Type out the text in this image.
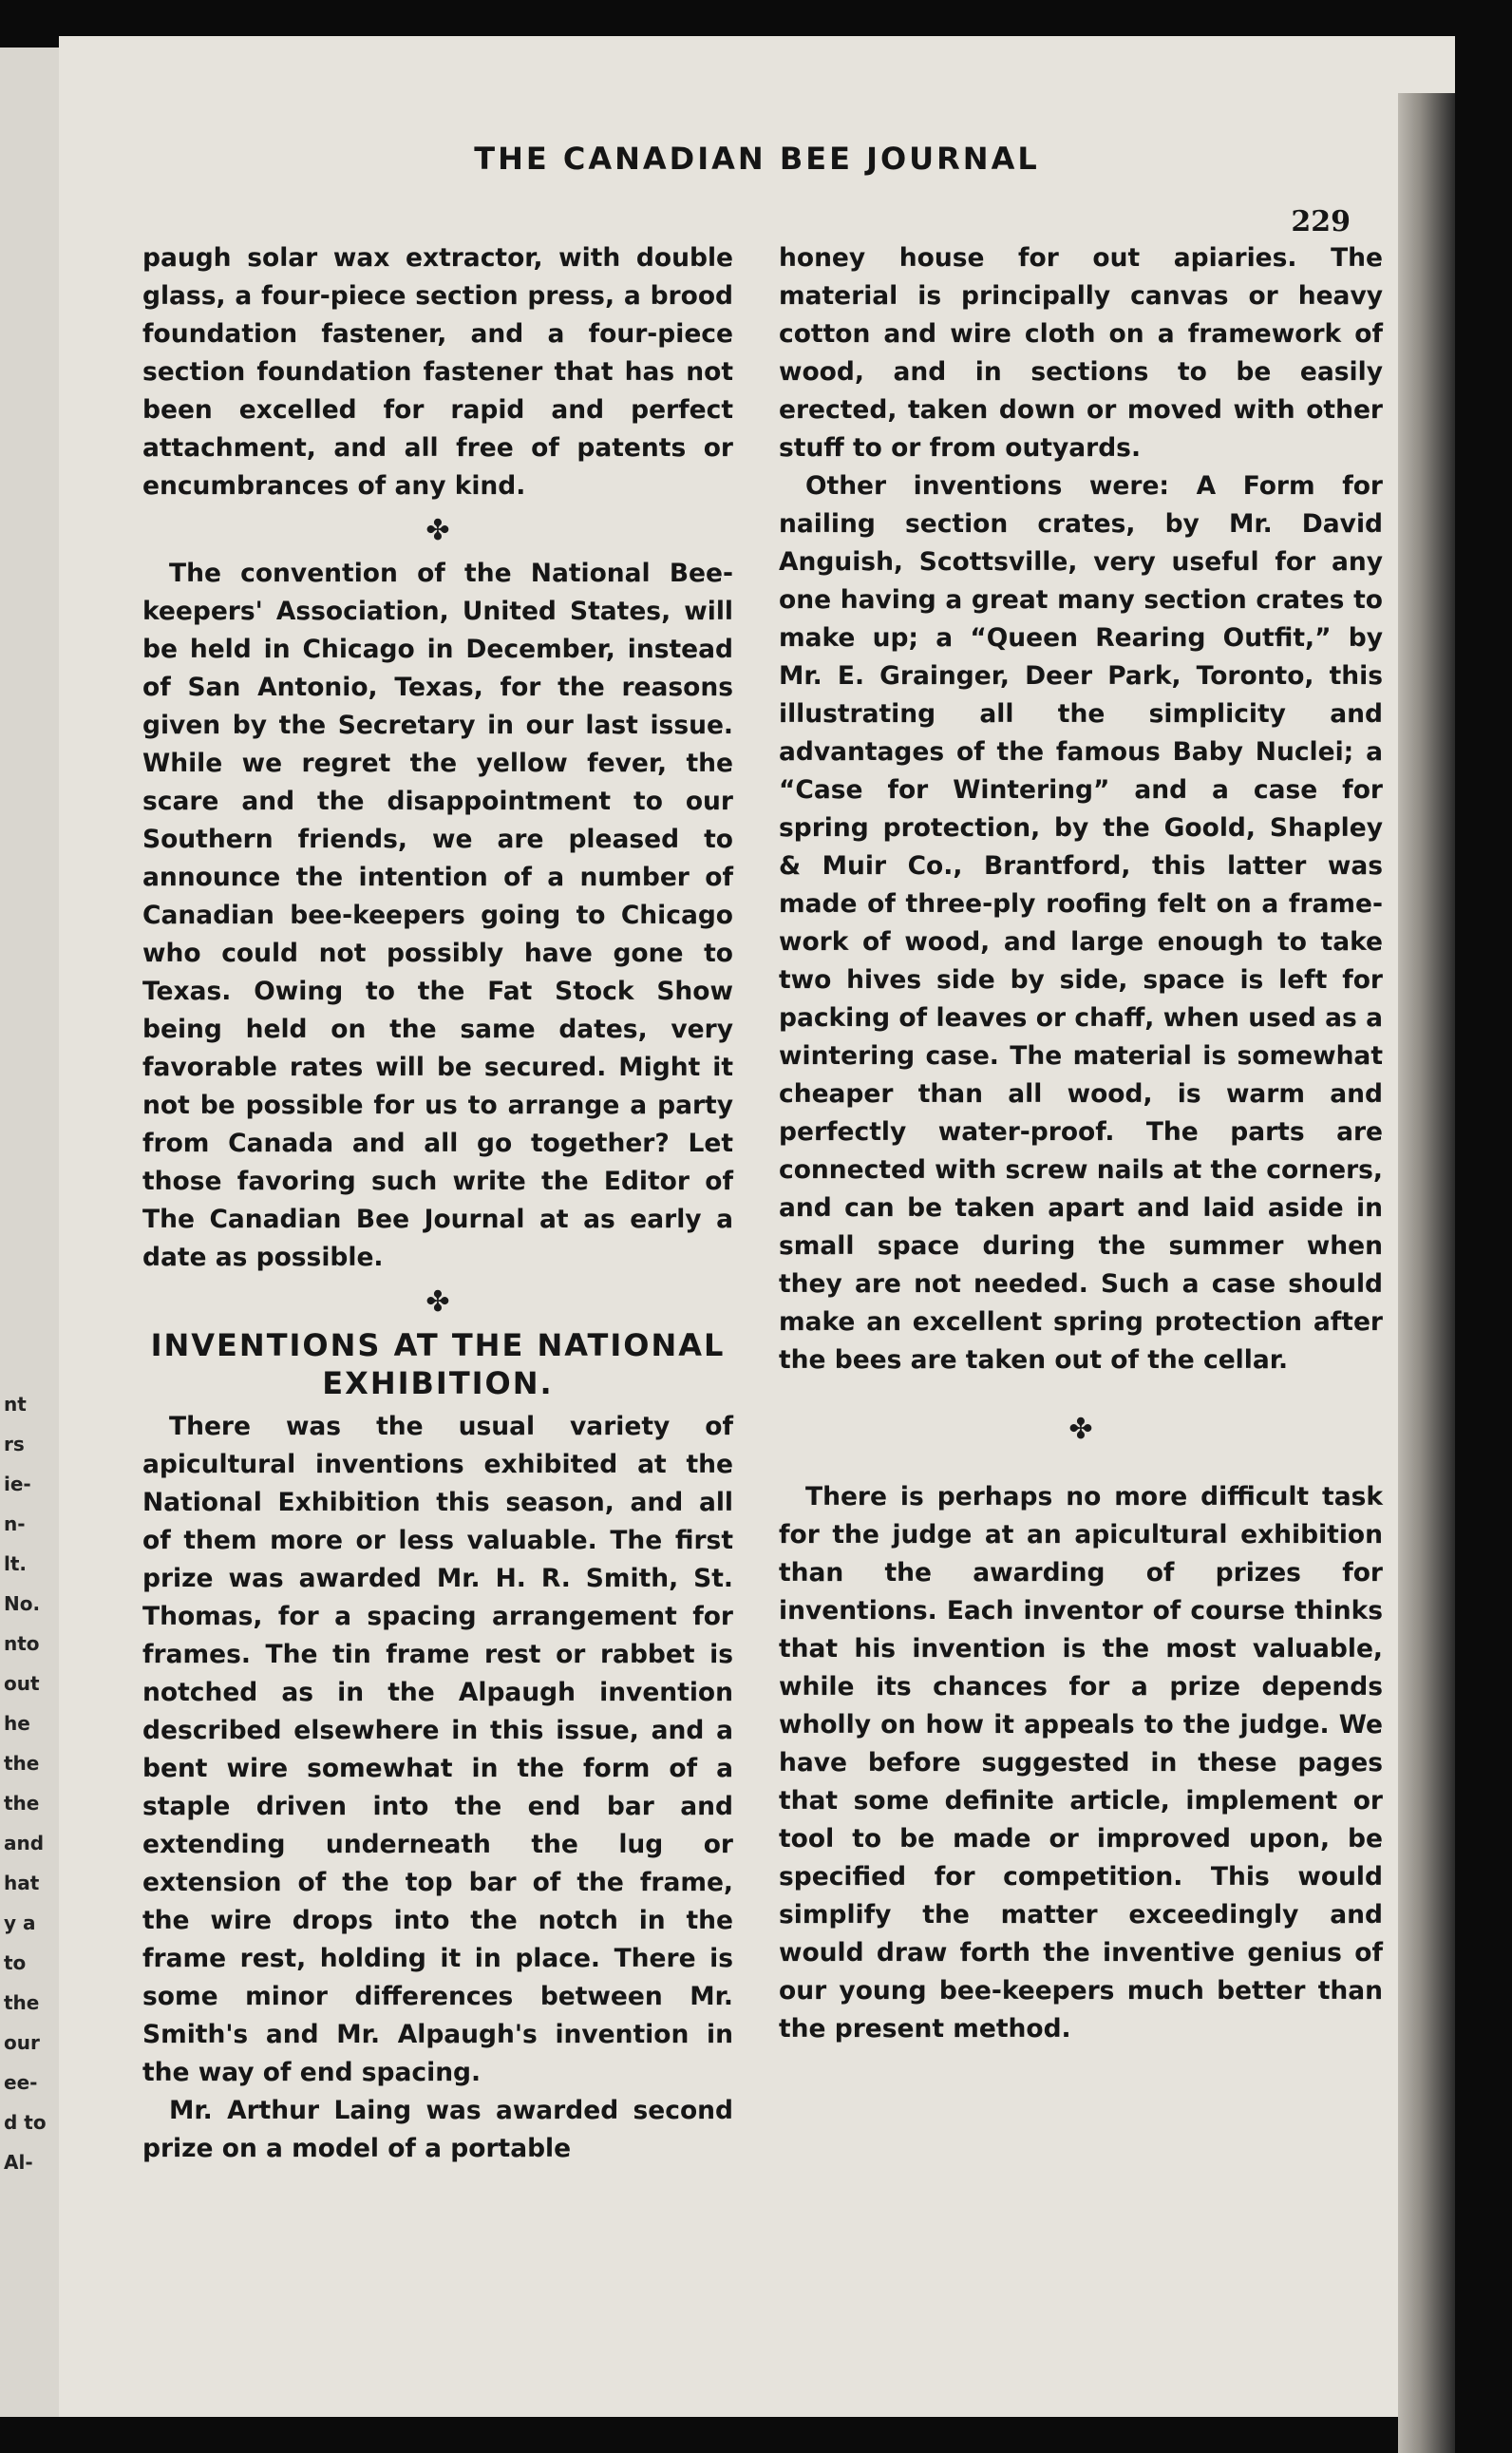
nt
rs
ie-
n-
lt.
No.
nto
out
he
the
the
and
hat
y a
to
the
our
ee-
d to
Al-
THE CANADIAN BEE JOURNAL
229

paugh solar wax extractor, with double glass, a four-piece section press, a brood foundation fastener, and a four-piece section foundation fastener that has not been excelled for rapid and perfect attachment, and all free of patents or encumbrances of any kind.

✤

The convention of the National Bee-keepers' Association, United States, will be held in Chicago in December, instead of San Antonio, Texas, for the reasons given by the Secretary in our last issue. While we regret the yellow fever, the scare and the disappointment to our Southern friends, we are pleased to announce the intention of a number of Canadian bee-keepers going to Chicago who could not possibly have gone to Texas. Owing to the Fat Stock Show being held on the same dates, very favorable rates will be secured. Might it not be possible for us to arrange a party from Canada and all go together? Let those favoring such write the Editor of The Canadian Bee Journal at as early a date as possible.

✤
INVENTIONS AT THE NATIONAL
EXHIBITION.

There was the usual variety of apicultural inventions exhibited at the National Exhibition this season, and all of them more or less valuable. The first prize was awarded Mr. H. R. Smith, St. Thomas, for a spacing arrangement for frames. The tin frame rest or rabbet is notched as in the Alpaugh invention described elsewhere in this issue, and a bent wire somewhat in the form of a staple driven into the end bar and extending underneath the lug or extension of the top bar of the frame, the wire drops into the notch in the frame rest, holding it in place. There is some minor differences between Mr. Smith's and Mr. Alpaugh's invention in the way of end spacing.

Mr. Arthur Laing was awarded second prize on a model of a portable

honey house for out apiaries. The material is principally canvas or heavy cotton and wire cloth on a framework of wood, and in sections to be easily erected, taken down or moved with other stuff to or from outyards.

Other inventions were: A Form for nailing section crates, by Mr. David Anguish, Scottsville, very useful for any one having a great many section crates to make up; a “Queen Rearing Outfit,” by Mr. E. Grainger, Deer Park, Toronto, this illustrating all the simplicity and advantages of the famous Baby Nuclei; a “Case for Wintering” and a case for spring protection, by the Goold, Shapley & Muir Co., Brantford, this latter was made of three-ply roofing felt on a frame-work of wood, and large enough to take two hives side by side, space is left for packing of leaves or chaff, when used as a wintering case. The material is somewhat cheaper than all wood, is warm and perfectly water-proof. The parts are connected with screw nails at the corners, and can be taken apart and laid aside in small space during the summer when they are not needed. Such a case should make an excellent spring protection after the bees are taken out of the cellar.

✤

There is perhaps no more difficult task for the judge at an apicultural exhibition than the awarding of prizes for inventions. Each inventor of course thinks that his invention is the most valuable, while its chances for a prize depends wholly on how it appeals to the judge. We have before suggested in these pages that some definite article, implement or tool to be made or improved upon, be specified for competition. This would simplify the matter exceedingly and would draw forth the inventive genius of our young bee-keepers much better than the present method.
